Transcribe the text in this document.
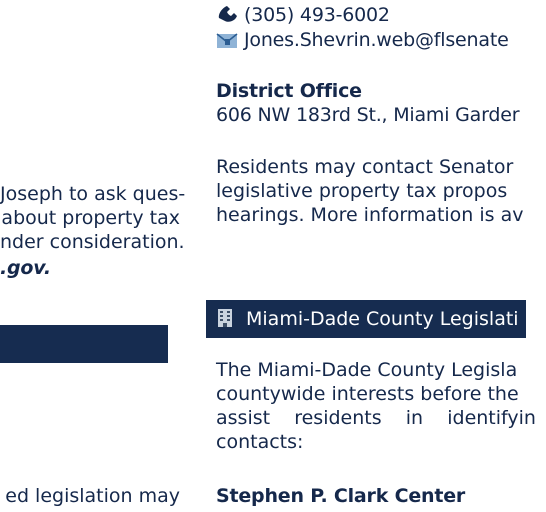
(305) 493-6002
Jones.Shevrin.web@flsenate
District Office
606 NW 183rd St., Miami Garder
Residents may contact Senator
legislative property tax propos
hearings. More information is av
Joseph to ask ques-
about property tax
nder consideration.
.gov.
Miami-Dade County Legislati
The Miami-Dade County Legisla
countywide interests before the
assist residents in identifyin
contacts:
ed legislation may Stephen P. Clark Center
